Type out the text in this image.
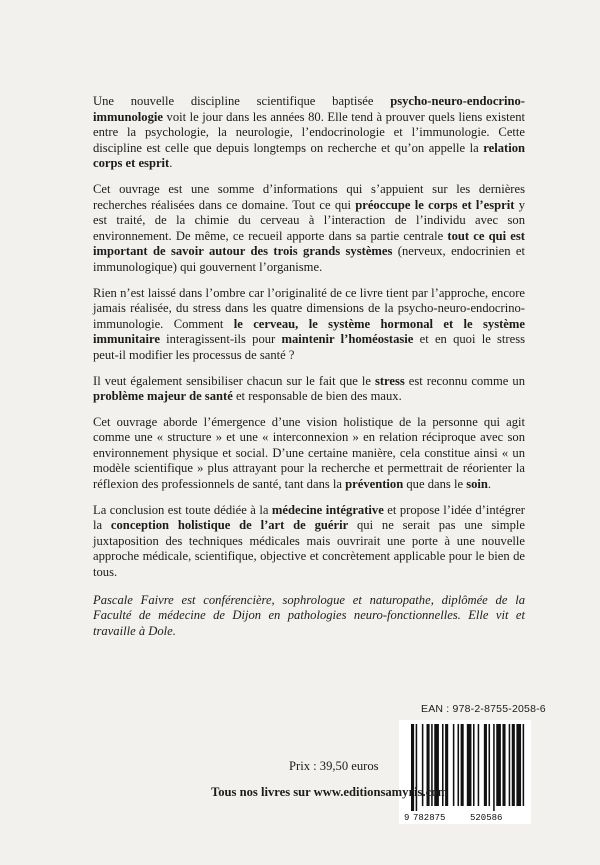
Une nouvelle discipline scientifique baptisée psycho-neuro-endocrino-immunologie voit le jour dans les années 80. Elle tend à prouver quels liens existent entre la psychologie, la neurologie, l’endocrinologie et l’immunologie. Cette discipline est celle que depuis longtemps on recherche et qu’on appelle la relation corps et esprit.

Cet ouvrage est une somme d’informations qui s’appuient sur les dernières recherches réalisées dans ce domaine. Tout ce qui préoccupe le corps et l’esprit y est traité, de la chimie du cerveau à l’interaction de l’individu avec son environnement. De même, ce recueil apporte dans sa partie centrale tout ce qui est important de savoir autour des trois grands systèmes (nerveux, endocrinien et immunologique) qui gouvernent l’organisme.

Rien n’est laissé dans l’ombre car l’originalité de ce livre tient par l’approche, encore jamais réalisée, du stress dans les quatre dimensions de la psycho-neuro-endocrino-immunologie. Comment le cerveau, le système hormonal et le système immunitaire interagissent-ils pour maintenir l’homéostasie et en quoi le stress peut-il modifier les processus de santé ?

Il veut également sensibiliser chacun sur le fait que le stress est reconnu comme un problème majeur de santé et responsable de bien des maux.

Cet ouvrage aborde l’émergence d’une vision holistique de la personne qui agit comme une « structure » et une « interconnexion » en relation réciproque avec son environnement physique et social. D’une certaine manière, cela constitue ainsi « un modèle scientifique » plus attrayant pour la recherche et permettrait de réorienter la réflexion des professionnels de santé, tant dans la prévention que dans le soin.

La conclusion est toute dédiée à la médecine intégrative et propose l’idée d’intégrer la conception holistique de l’art de guérir qui ne serait pas une simple juxtaposition des techniques médicales mais ouvrirait une porte à une nouvelle approche médicale, scientifique, objective et concrètement applicable pour le bien de tous.

Pascale Faivre est conférencière, sophrologue et naturopathe, diplômée de la Faculté de médecine de Dijon en pathologies neuro-fonctionnelles. Elle vit et travaille à Dole.

EAN : 978-2-8755-2058-6
9 782875	520586
Prix : 39,50 euros
Tous nos livres sur www.editionsamyris.com
